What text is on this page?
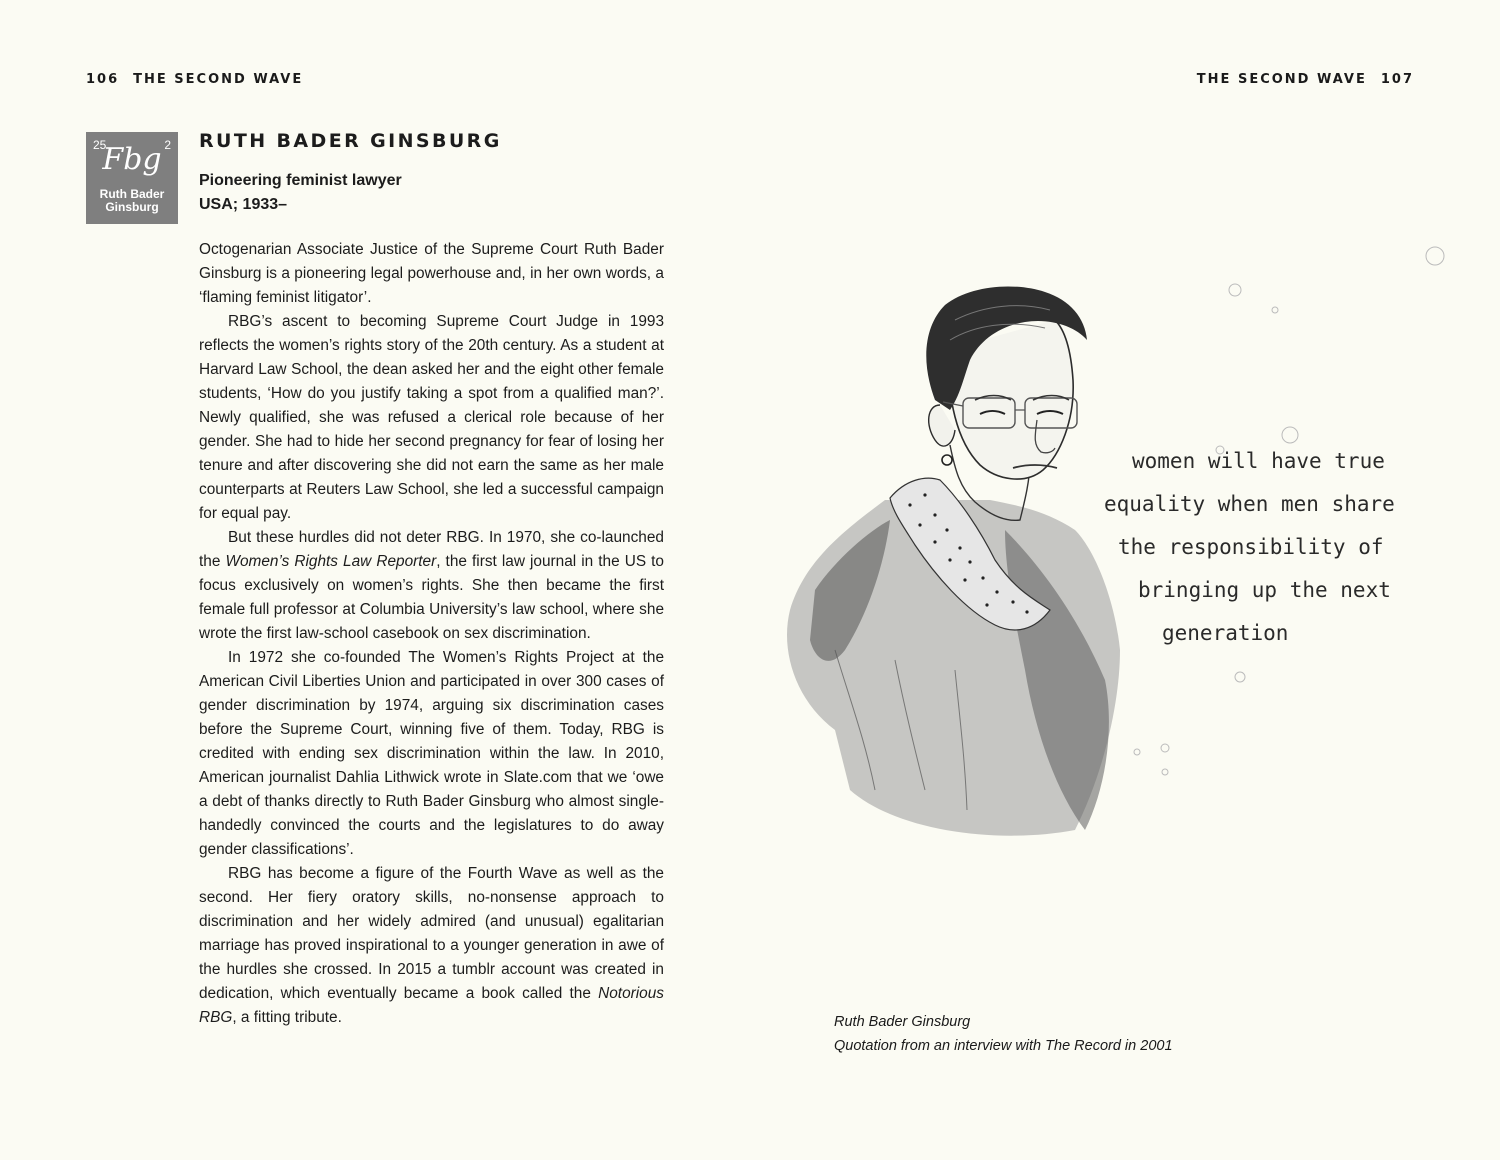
106 THE SECOND WAVE	THE SECOND WAVE 107
25	2
Fbg
Ruth Bader
Ginsburg
RUTH BADER GINSBURG
Pioneering feminist lawyer
USA; 1933–

Octogenarian Associate Justice of the Supreme Court Ruth Bader Ginsburg is a pioneering legal powerhouse and, in her own words, a ‘flaming feminist litigator’.

RBG’s ascent to becoming Supreme Court Judge in 1993 reflects the women’s rights story of the 20th century. As a student at Harvard Law School, the dean asked her and the eight other female students, ‘How do you justify taking a spot from a qualified man?’. Newly qualified, she was refused a clerical role because of her gender. She had to hide her second pregnancy for fear of losing her tenure and after discovering she did not earn the same as her male counterparts at Reuters Law School, she led a successful campaign for equal pay.

But these hurdles did not deter RBG. In 1970, she co-launched the Women’s Rights Law Reporter, the first law journal in the US to focus exclusively on women’s rights. She then became the first female full professor at Columbia University’s law school, where she wrote the first law-school casebook on sex discrimination.

In 1972 she co-founded The Women’s Rights Project at the American Civil Liberties Union and participated in over 300 cases of gender discrimination by 1974, arguing six discrimination cases before the Supreme Court, winning five of them. Today, RBG is credited with ending sex discrimination within the law. In 2010, American journalist Dahlia Lithwick wrote in Slate.com that we ‘owe a debt of thanks directly to Ruth Bader Ginsburg who almost single-handedly convinced the courts and the legislatures to do away gender classifications’.

RBG has become a figure of the Fourth Wave as well as the second. Her fiery oratory skills, no-nonsense approach to discrimination and her widely admired (and unusual) egalitarian marriage has proved inspirational to a younger generation in awe of the hurdles she crossed. In 2015 a tumblr account was created in dedication, which eventually became a book called the Notorious RBG, a fitting tribute.

women will have true
equality when men share
the responsibility of
bringing up the next
generation
Ruth Bader Ginsburg
Quotation from an interview with The Record in 2001
